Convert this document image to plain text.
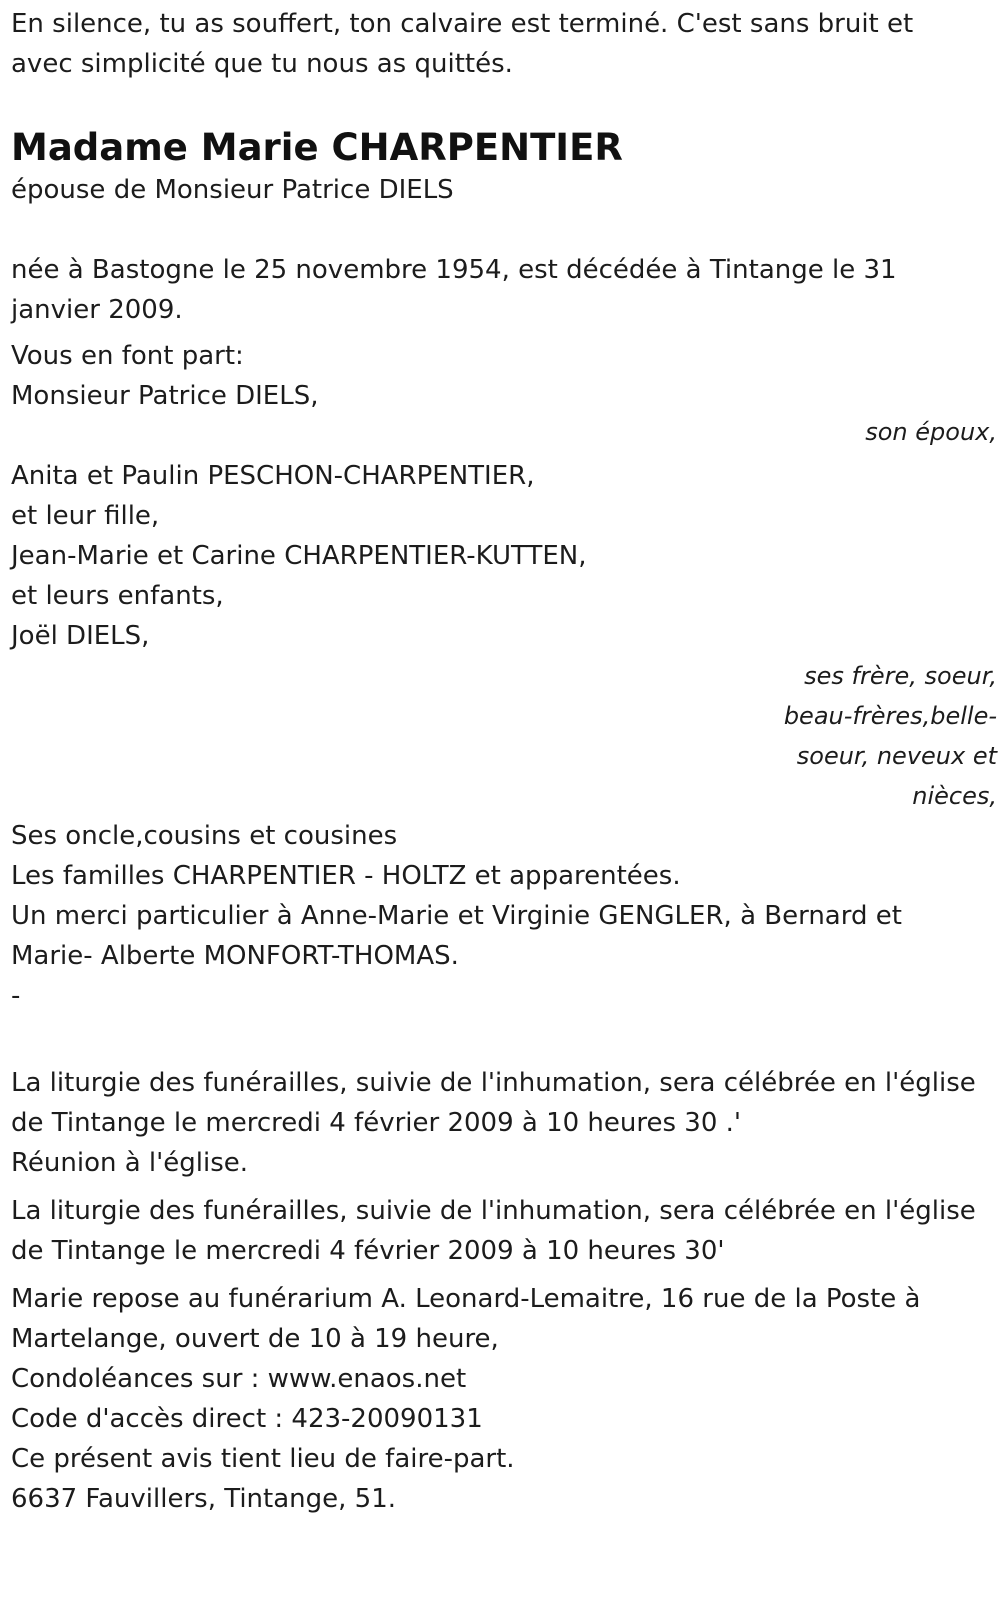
En silence, tu as souffert, ton calvaire est terminé. C'est sans bruit et
avec simplicité que tu nous as quittés.
Madame Marie CHARPENTIER
épouse de Monsieur Patrice DIELS
née à Bastogne le 25 novembre 1954, est décédée à Tintange le 31
janvier 2009.
Vous en font part:
Monsieur Patrice DIELS,
son époux,
Anita et Paulin PESCHON-CHARPENTIER,
et leur fille,
Jean-Marie et Carine CHARPENTIER-KUTTEN,
et leurs enfants,
Joël DIELS,
ses frère, soeur,
beau-frères,belle-
soeur, neveux et
nièces,
Ses oncle,cousins et cousines
Les familles CHARPENTIER - HOLTZ et apparentées.
Un merci particulier à Anne-Marie et Virginie GENGLER, à Bernard et
Marie- Alberte MONFORT-THOMAS.
-
La liturgie des funérailles, suivie de l'inhumation, sera célébrée en l'église
de Tintange le mercredi 4 février 2009 à 10 heures 30 .'
Réunion à l'église.
La liturgie des funérailles, suivie de l'inhumation, sera célébrée en l'église
de Tintange le mercredi 4 février 2009 à 10 heures 30'
Marie repose au funérarium A. Leonard-Lemaitre, 16 rue de la Poste à
Martelange, ouvert de 10 à 19 heure,
Condoléances sur : www.enaos.net
Code d'accès direct : 423-20090131
Ce présent avis tient lieu de faire-part.
6637 Fauvillers, Tintange, 51.
